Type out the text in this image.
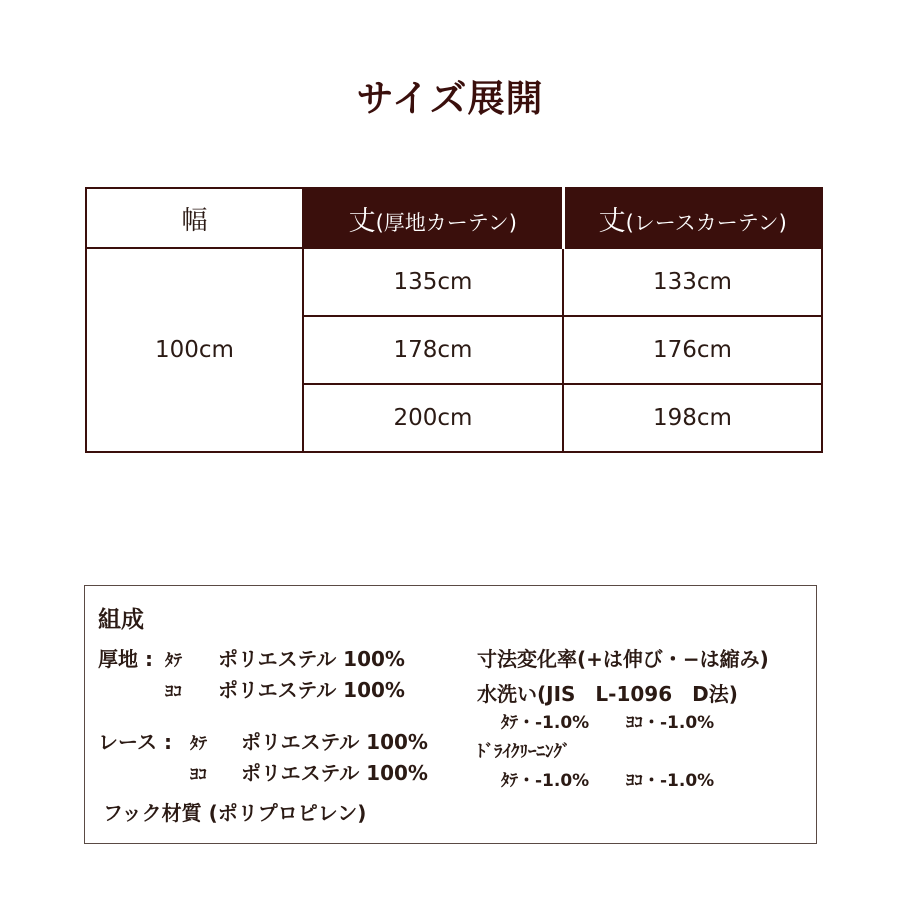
サイズ展開
幅	丈(厚地カーテン)	丈(レースカーテン)
100cm	135cm	133cm
	178cm	176cm
	200cm	198cm
組成
厚地 : ﾀﾃ ポリエステル 100%
ﾖｺ ポリエステル 100%
レース : ﾀﾃ ポリエステル 100%
ﾖｺ ポリエステル 100%
フック材質 (ポリプロピレン)
寸法変化率(+は伸び・−は縮み)
水洗い(JIS　L-1096　D法)
ﾀﾃ・-1.0% ﾖｺ・-1.0%
ﾄﾞﾗｲｸﾘｰﾆﾝｸﾞ
ﾀﾃ・-1.0% ﾖｺ・-1.0%
